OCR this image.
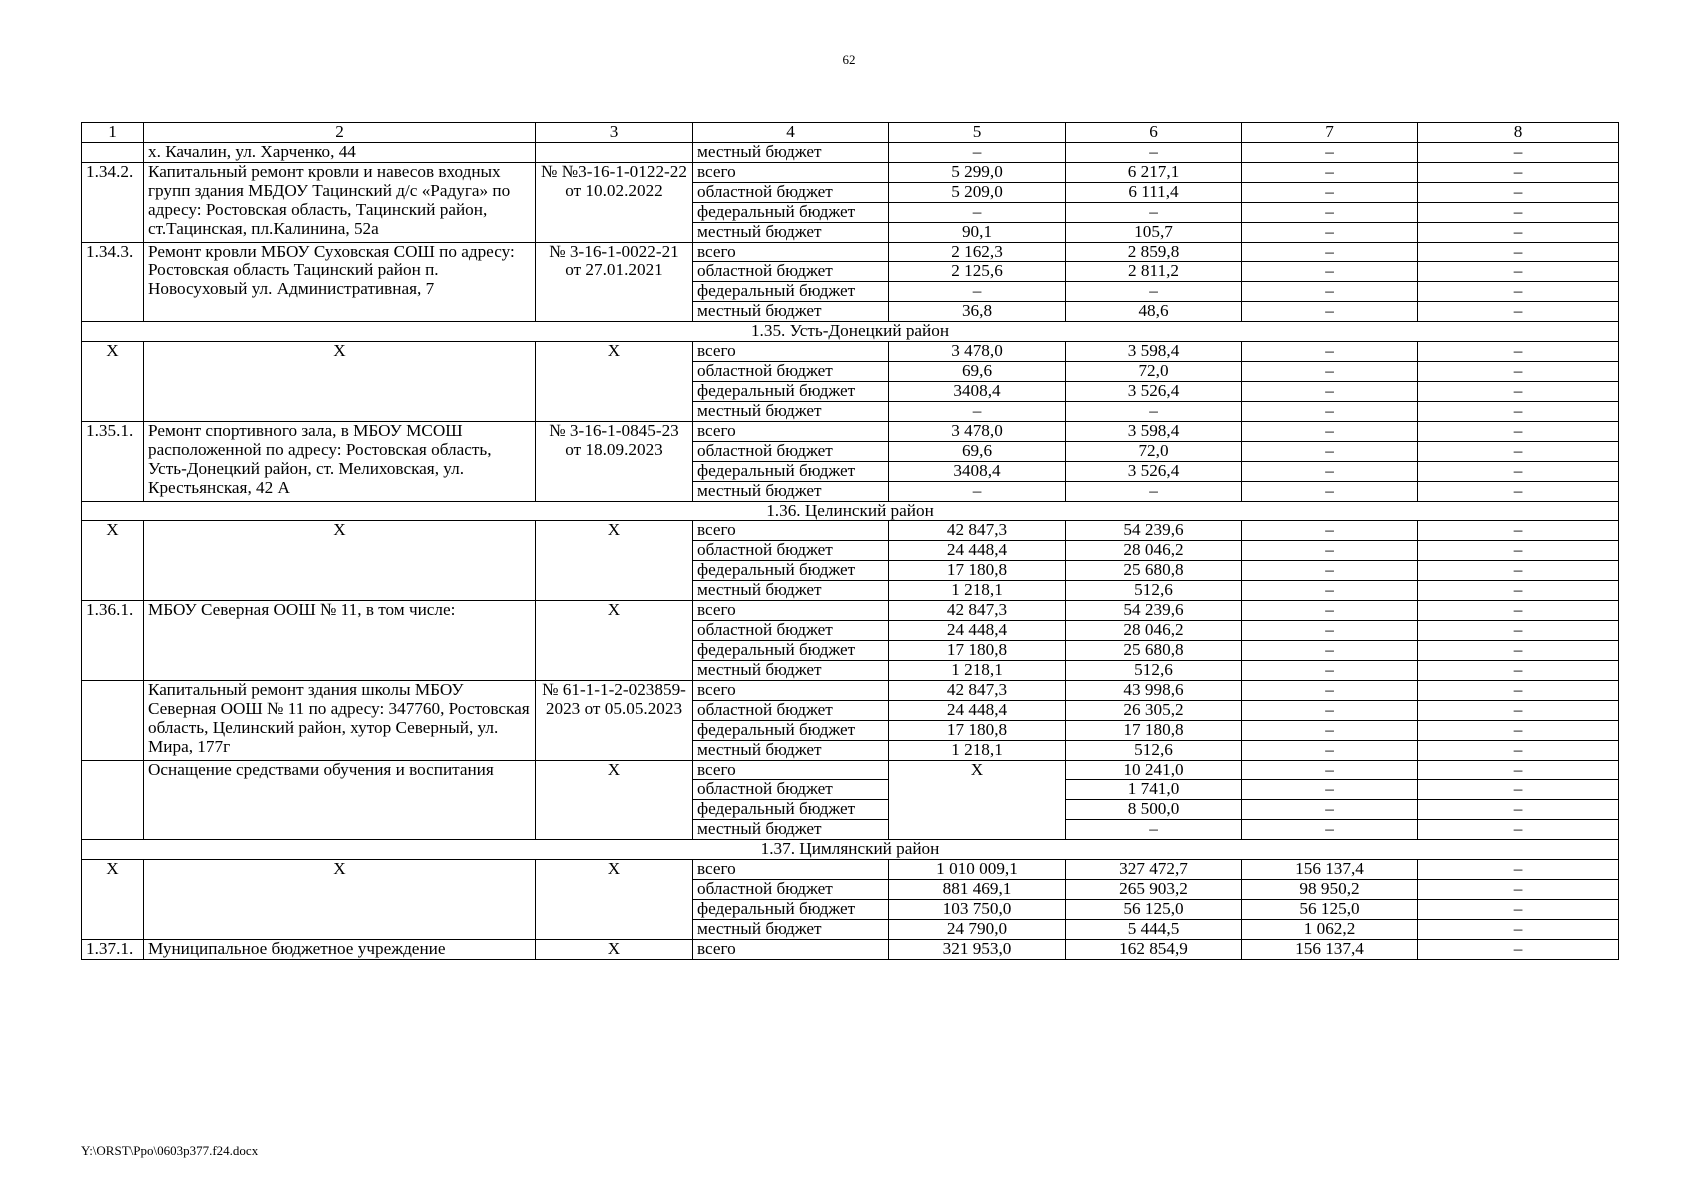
62
1	2	3	4	5	6	7	8
	х. Качалин, ул. Харченко, 44		местный бюджет	–	–	–	–
1.34.2.	Капитальный ремонт кровли и навесов входных групп здания МБДОУ Тацинский д/с «Радуга» по адресу: Ростовская область, Тацинский район, ст.Тацинская, пл.Калинина, 52а	№ №3-16-1-0122-22 от 10.02.2022	всего	5 299,0	6 217,1	–	–
			областной бюджет	5 209,0	6 111,4	–	–
			федеральный бюджет	–	–	–	–
			местный бюджет	90,1	105,7	–	–
1.34.3.	Ремонт кровли МБОУ Суховская СОШ по адресу: Ростовская область Тацинский район п. Новосуховый ул. Административная, 7	№ 3-16-1-0022-21 от 27.01.2021	всего	2 162,3	2 859,8	–	–
			областной бюджет	2 125,6	2 811,2	–	–
			федеральный бюджет	–	–	–	–
			местный бюджет	36,8	48,6	–	–
1.35. Усть-Донецкий район							
X	X	X	всего	3 478,0	3 598,4	–	–
			областной бюджет	69,6	72,0	–	–
			федеральный бюджет	3408,4	3 526,4	–	–
			местный бюджет	–	–	–	–
1.35.1.	Ремонт спортивного зала, в МБОУ МСОШ расположенной по адресу: Ростовская область, Усть-Донецкий район, ст. Мелиховская, ул. Крестьянская, 42 А	№ 3-16-1-0845-23 от 18.09.2023	всего	3 478,0	3 598,4	–	–
			областной бюджет	69,6	72,0	–	–
			федеральный бюджет	3408,4	3 526,4	–	–
			местный бюджет	–	–	–	–
1.36. Целинский район							
X	X	X	всего	42 847,3	54 239,6	–	–
			областной бюджет	24 448,4	28 046,2	–	–
			федеральный бюджет	17 180,8	25 680,8	–	–
			местный бюджет	1 218,1	512,6	–	–
1.36.1.	МБОУ Северная ООШ № 11, в том числе:	X	всего	42 847,3	54 239,6	–	–
			областной бюджет	24 448,4	28 046,2	–	–
			федеральный бюджет	17 180,8	25 680,8	–	–
			местный бюджет	1 218,1	512,6	–	–
	Капитальный ремонт здания школы МБОУ Северная ООШ № 11 по адресу: 347760, Ростовская область, Целинский район, хутор Северный, ул. Мира, 177г	№ 61-1-1-2-023859-2023 от 05.05.2023	всего	42 847,3	43 998,6	–	–
			областной бюджет	24 448,4	26 305,2	–	–
			федеральный бюджет	17 180,8	17 180,8	–	–
			местный бюджет	1 218,1	512,6	–	–
	Оснащение средствами обучения и воспитания	X	всего	X	10 241,0	–	–
			областной бюджет		1 741,0	–	–
			федеральный бюджет		8 500,0	–	–
			местный бюджет		–	–	–
1.37. Цимлянский район							
X	X	X	всего	1 010 009,1	327 472,7	156 137,4	–
			областной бюджет	881 469,1	265 903,2	98 950,2	–
			федеральный бюджет	103 750,0	56 125,0	56 125,0	–
			местный бюджет	24 790,0	5 444,5	1 062,2	–
1.37.1.	Муниципальное бюджетное учреждение	X	всего	321 953,0	162 854,9	156 137,4	–
Y:\ORST\Ppo\0603p377.f24.docx
